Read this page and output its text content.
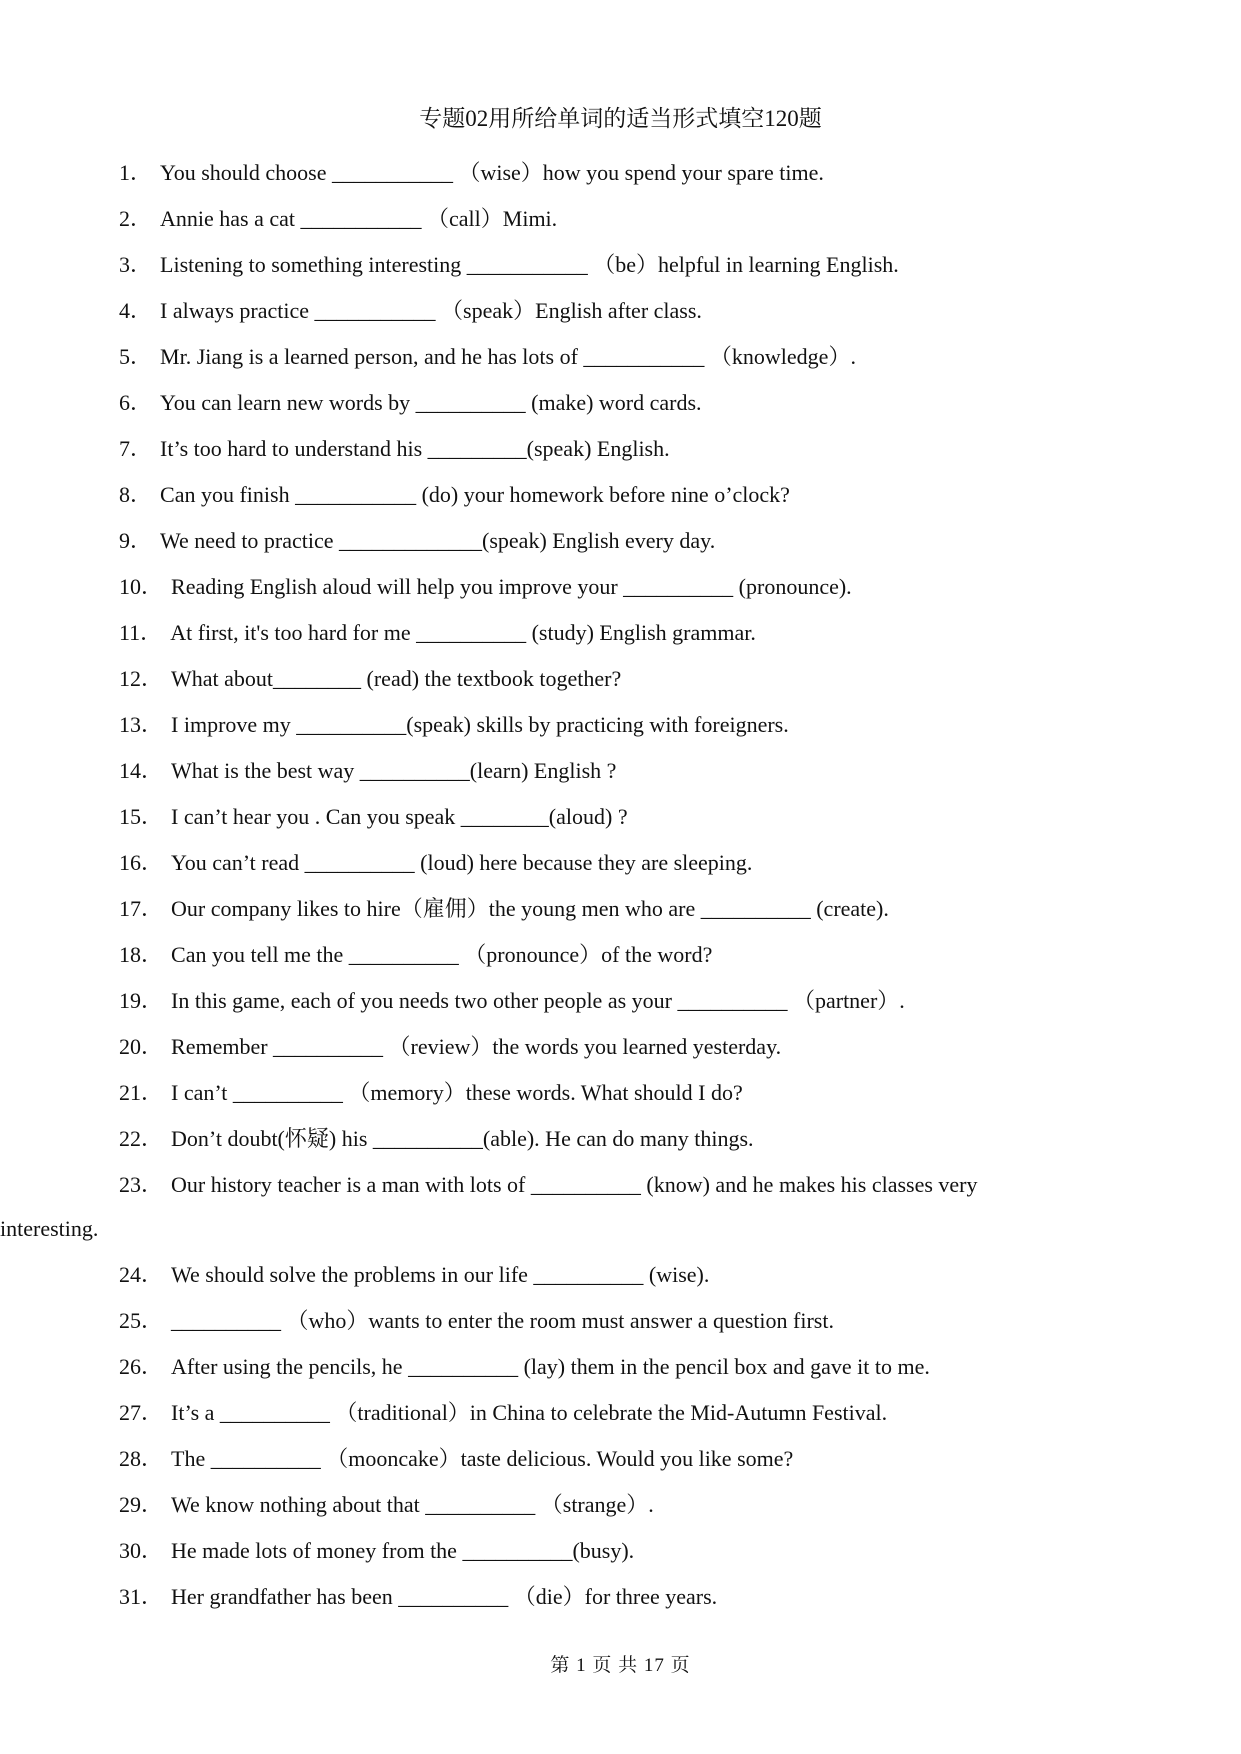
专题02用所给单词的适当形式填空120题
1． You should choose ___________ （wise）how you spend your spare time.
2． Annie has a cat ___________ （call）Mimi.
3． Listening to something interesting ___________ （be）helpful in learning English.
4． I always practice ___________ （speak）English after class.
5． Mr. Jiang is a learned person, and he has lots of ___________ （knowledge）.
6． You can learn new words by __________ (make) word cards.
7． It’s too hard to understand his _________(speak) English.
8． Can you finish ___________ (do) your homework before nine o’clock?
9． We need to practice _____________(speak) English every day.
10． Reading English aloud will help you improve your __________ (pronounce).
11． At first, it's too hard for me __________ (study) English grammar.
12． What about________ (read) the textbook together?
13． I improve my __________(speak) skills by practicing with foreigners.
14． What is the best way __________(learn) English ?
15． I can’t hear you . Can you speak ________(aloud) ?
16． You can’t read __________ (loud) here because they are sleeping.
17． Our company likes to hire（雇佣）the young men who are __________ (create).
18． Can you tell me the __________ （pronounce）of the word?
19． In this game, each of you needs two other people as your __________ （partner）.
20． Remember __________ （review）the words you learned yesterday.
21． I can’t __________ （memory）these words. What should I do?
22． Don’t doubt(怀疑) his __________(able). He can do many things.
23． Our history teacher is a man with lots of __________ (know) and he makes his classes very
interesting.
24． We should solve the problems in our life __________ (wise).
25． __________ （who）wants to enter the room must answer a question first.
26． After using the pencils, he __________ (lay) them in the pencil box and gave it to me.
27． It’s a __________ （traditional）in China to celebrate the Mid-Autumn Festival.
28． The __________ （mooncake）taste delicious. Would you like some?
29． We know nothing about that __________ （strange）.
30． He made lots of money from the __________(busy).
31． Her grandfather has been __________ （die）for three years.
第 1 页 共 17 页
